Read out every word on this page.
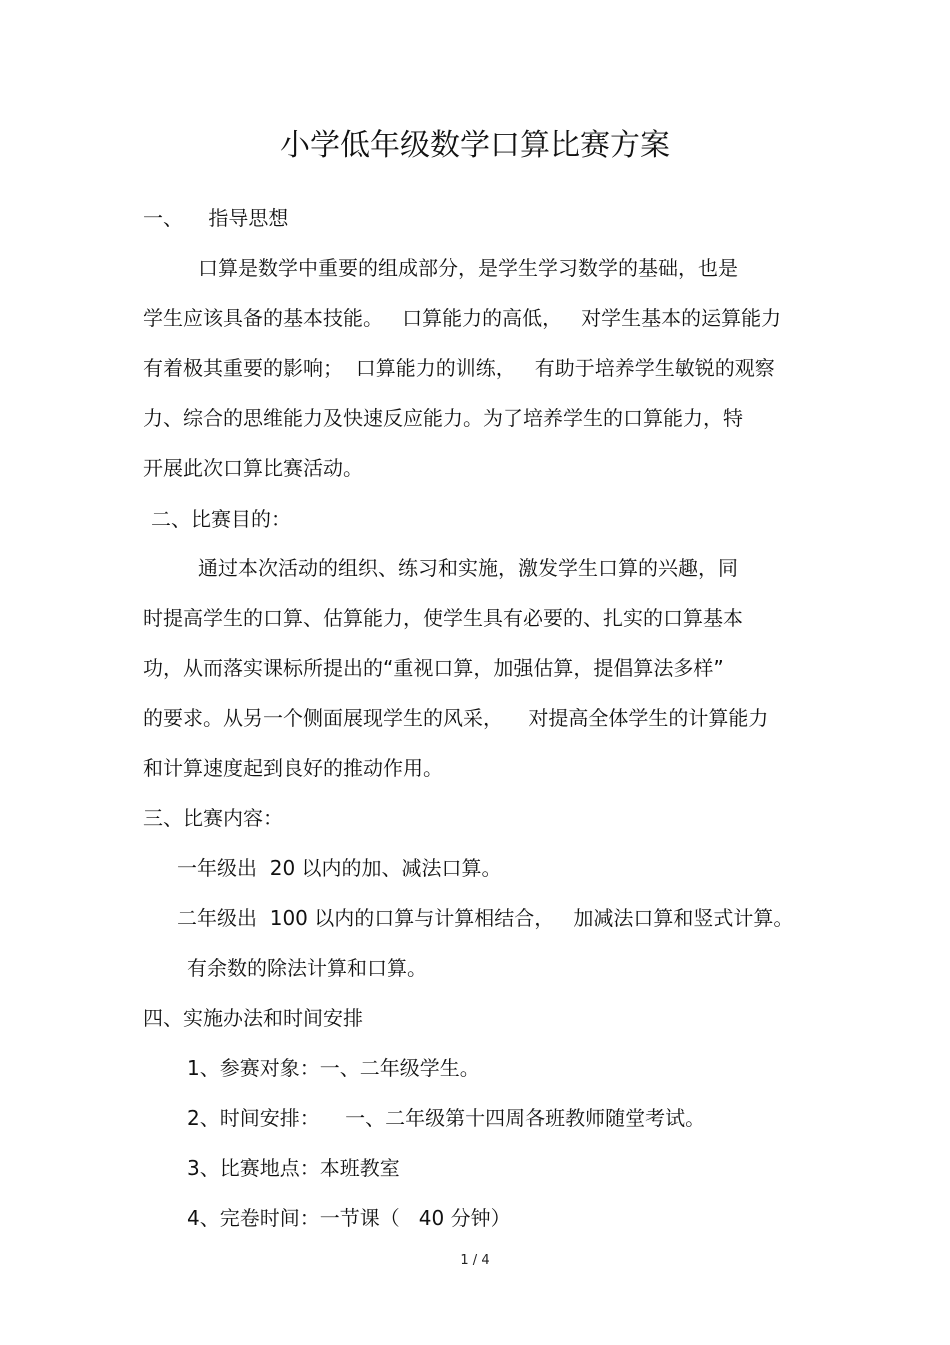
小学低年级数学口算比赛方案
一、    指导思想
口算是数学中重要的组成部分，是学生学习数学的基础，也是
学生应该具备的基本技能。   口算能力的高低，   对学生基本的运算能力
有着极其重要的影响；  口算能力的训练，   有助于培养学生敏锐的观察
力、综合的思维能力及快速反应能力。为了培养学生的口算能力，特
开展此次口算比赛活动。
二、比赛目的：
通过本次活动的组织、练习和实施，激发学生口算的兴趣，同
时提高学生的口算、估算能力，使学生具有必要的、扎实的口算基本
功，从而落实课标所提出的“重视口算，加强估算，提倡算法多样”
的要求。从另一个侧面展现学生的风采，    对提高全体学生的计算能力
和计算速度起到良好的推动作用。
三、比赛内容：
一年级出  20 以内的加、减法口算。
二年级出  100 以内的口算与计算相结合，   加减法口算和竖式计算。
有余数的除法计算和口算。
四、实施办法和时间安排
1、参赛对象：一、二年级学生。
2、时间安排：    一、二年级第十四周各班教师随堂考试。
3、比赛地点：本班教室
4、完卷时间：一节课（   40 分钟）
1 / 4
